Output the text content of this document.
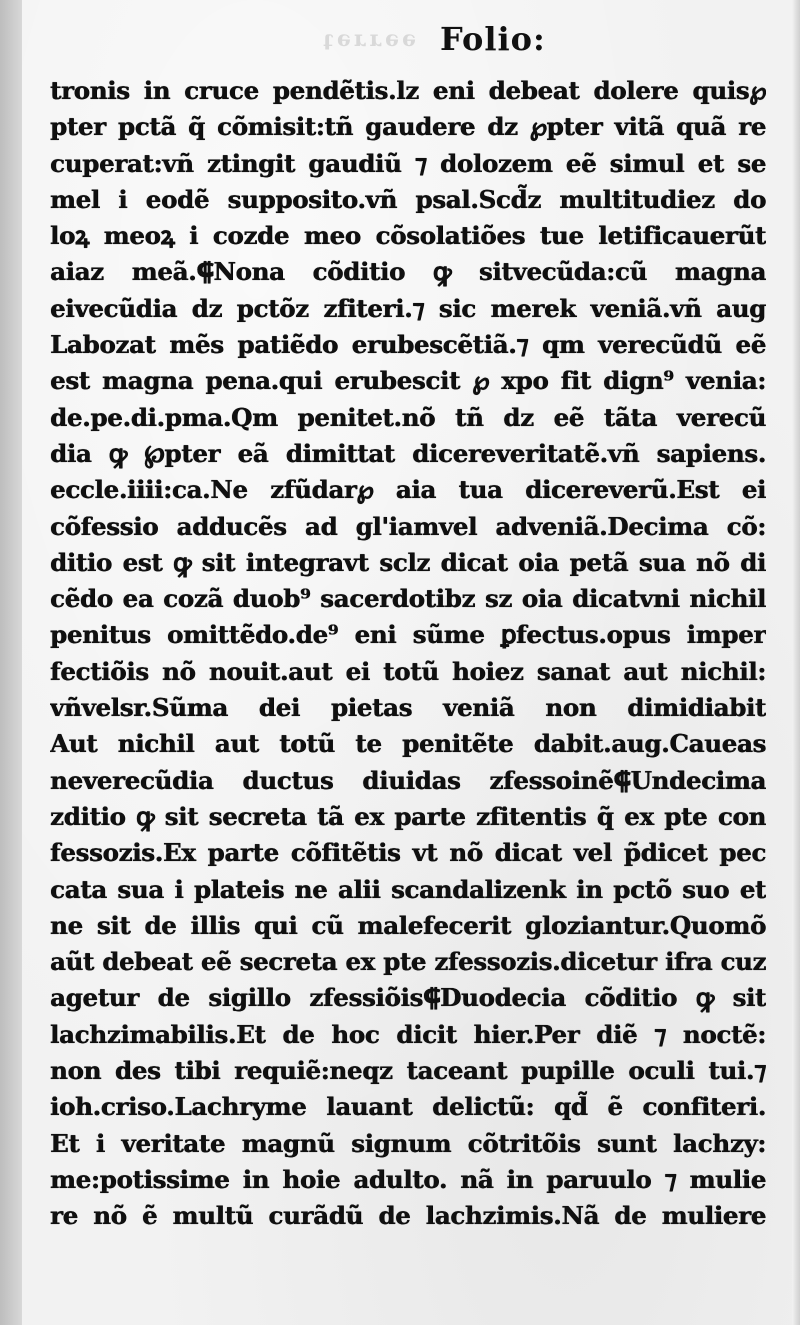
ǝǝɹɹǝʇ Folio:
tronis in cruce pendẽtis.lz eni debeat dolere quis℘
pter pctã q̃ cõmisit:tñ gaudere dz ℘pter vitã quã re
cuperat:vñ ztingit gaudiũ ⁊ dolozem eẽ simul et se
mel i eodẽ supposito.vñ psal.Scd̃z multitudiez do
loꝝ meoꝝ i cozde meo cõsolatiões tue letificauerũt
aiaz meã.⸿Nona cõditio ꝙ sitvecũda:cũ magna
eivecũdia dz pctõz zfiteri.⁊ sic merek veniã.vñ aug
Labozat mẽs patiẽdo erubescẽtiã.⁊ qm verecũdũ eẽ
est magna pena.qui erubescit ℘ xpo fit dign⁹ venia:
de.pe.di.pma.Qm penitet.nõ tñ dz eẽ tãta verecũ
dia ꝙ ℘pter eã dimittat dicereveritatẽ.vñ sapiens.
eccle.iiii:ca.Ne zfũdar℘ aia tua dicereverũ.Est ei
cõfessio adducẽs ad gl'iamvel adveniã.Decima cõ:
ditio est ꝙ sit integravt sclz dicat oia petã sua nõ di
cẽdo ea cozã duob⁹ sacerdotibz sz oia dicatvni nichil
penitus omittẽdo.de⁹ eni sũme ꝑfectus.opus imper
fectiõis nõ nouit.aut ei totũ hoiez sanat aut nichil:
vñvelsr.Sũma dei pietas veniã non dimidiabit
Aut nichil aut totũ te penitẽte dabit.aug.Caueas
neverecũdia ductus diuidas zfessoinẽ⸿Undecima
zditio ꝙ sit secreta tã ex parte zfitentis q̃ ex pte con
fessozis.Ex parte cõfitẽtis vt nõ dicat vel p̃dicet pec
cata sua i plateis ne alii scandalizenk in pctõ suo et
ne sit de illis qui cũ malefecerit gloziantur.Quomõ
aũt debeat eẽ secreta ex pte zfessozis.dicetur ifra cuz
agetur de sigillo zfessiõis⸿Duodecia cõditio ꝙ sit
lachzimabilis.Et de hoc dicit hier.Per diẽ ⁊ noctẽ:
non des tibi requiẽ:neqz taceant pupille oculi tui.⁊
ioh.criso.Lachryme lauant delictũ: qd̃ ẽ confiteri.
Et i veritate magnũ signum cõtritõis sunt lachzy:
me:potissime in hoie adulto. nã in paruulo ⁊ mulie
re nõ ẽ multũ curãdũ de lachzimis.Nã de muliere
